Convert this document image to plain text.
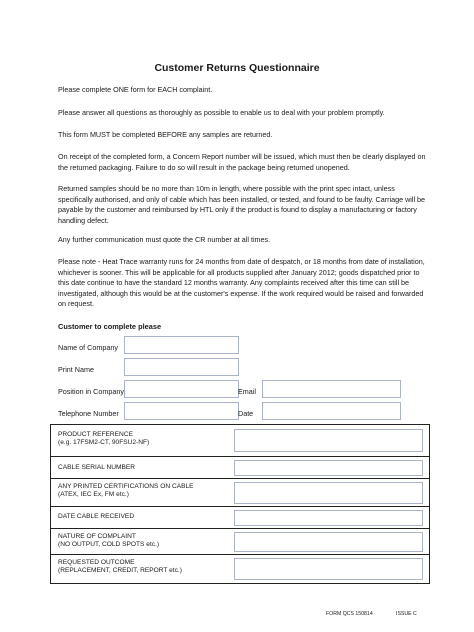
Customer Returns Questionnaire

Please complete ONE form for EACH complaint.

Please answer all questions as thoroughly as possible to enable us to deal with your problem promptly.

This form MUST be completed BEFORE any samples are returned.

On receipt of the completed form, a Concern Report number will be issued, which must then be clearly displayed on the returned packaging. Failure to do so will result in the package being returned unopened.

Returned samples should be no more than 10m in length, where possible with the print spec intact, unless specifically authorised, and only of cable which has been installed, or tested, and found to be faulty. Carriage will be payable by the customer and reimbursed by HTL only if the product is found to display a manufacturing or factory handling defect.

Any further communication must quote the CR number at all times.

Please note - Heat Trace warranty runs for 24 months from date of despatch, or 18 months from date of installation, whichever is sooner. This will be applicable for all products supplied after January 2012; goods dispatched prior to this date continue to have the standard 12 months warranty. Any complaints received after this time can still be investigated, although this would be at the customer's expense. If the work required would be raised and forwarded on request.

Customer to complete please
Name of Company
Print Name
Position in Company	Email
Telephone Number	Date
PRODUCT REFERENCE
(e.g. 17FSM2-CT, 90FSU2-NF)
CABLE SERIAL NUMBER
ANY PRINTED CERTIFICATIONS ON CABLE
(ATEX, IEC Ex, FM etc.)
DATE CABLE RECEIVED
NATURE OF COMPLAINT
(NO OUTPUT, COLD SPOTS etc.)
REQUESTED OUTCOME
(REPLACEMENT, CREDIT, REPORT etc.)
FORM QCS 150814	ISSUE C
